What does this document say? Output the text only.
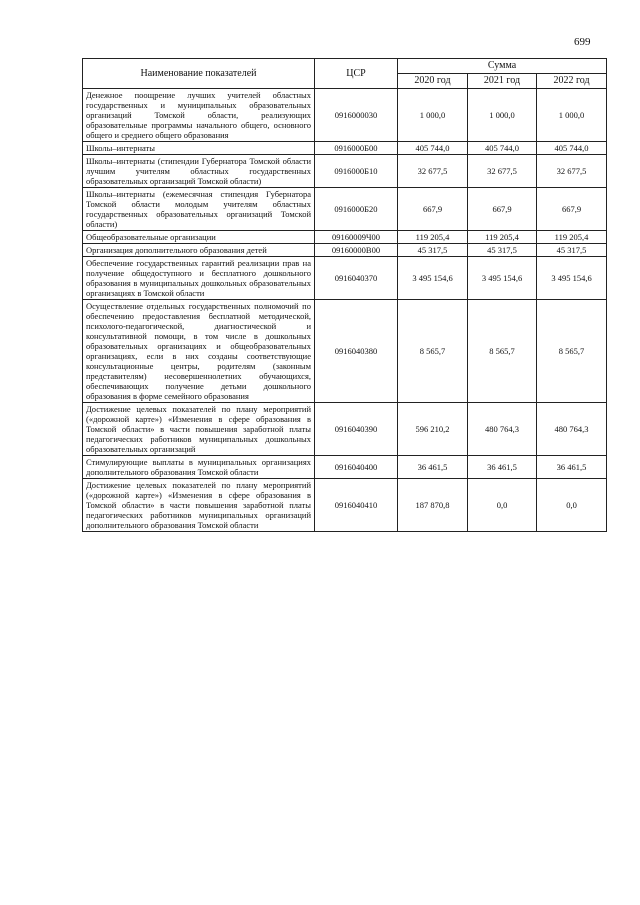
699
Наименование показателей	ЦСР	Сумма		
		2020 год	2021 год	2022 год
Денежное поощрение лучших учителей областных государственных и муниципальных образовательных организаций Томской области, реализующих образовательные программы начального общего, основного общего и среднего общего образования	0916000030	1 000,0	1 000,0	1 000,0
Школы–интернаты	0916000Б00	405 744,0	405 744,0	405 744,0
Школы–интернаты (стипендии Губернатора Томской области лучшим учителям областных государственных образовательных организаций Томской области)	0916000Б10	32 677,5	32 677,5	32 677,5
Школы–интернаты (ежемесячная стипендия Губернатора Томской области молодым учителям областных государственных образовательных организаций Томской области)	0916000Б20	667,9	667,9	667,9
Общеобразовательные организации	09160009Ч00	119 205,4	119 205,4	119 205,4
Организация дополнительного образования детей	09160000В00	45 317,5	45 317,5	45 317,5
Обеспечение государственных гарантий реализации прав на получение общедоступного и бесплатного дошкольного образования в муниципальных дошкольных образовательных организациях в Томской области	0916040370	3 495 154,6	3 495 154,6	3 495 154,6
Осуществление отдельных государственных полномочий по обеспечению предоставления бесплатной методической, психолого-педагогической, диагностической и консультативной помощи, в том числе в дошкольных образовательных организациях и общеобразовательных организациях, если в них созданы соответствующие консультационные центры, родителям (законным представителям) несовершеннолетних обучающихся, обеспечивающих получение детьми дошкольного образования в форме семейного образования	0916040380	8 565,7	8 565,7	8 565,7
Достижение целевых показателей по плану мероприятий («дорожной карте») «Изменения в сфере образования в Томской области» в части повышения заработной платы педагогических работников муниципальных дошкольных образовательных организаций	0916040390	596 210,2	480 764,3	480 764,3
Стимулирующие выплаты в муниципальных организациях дополнительного образования Томской области	0916040400	36 461,5	36 461,5	36 461,5
Достижение целевых показателей по плану мероприятий («дорожной карте») «Изменения в сфере образования в Томской области» в части повышения заработной платы педагогических работников муниципальных организаций дополнительного образования Томской области	0916040410	187 870,8	0,0	0,0
